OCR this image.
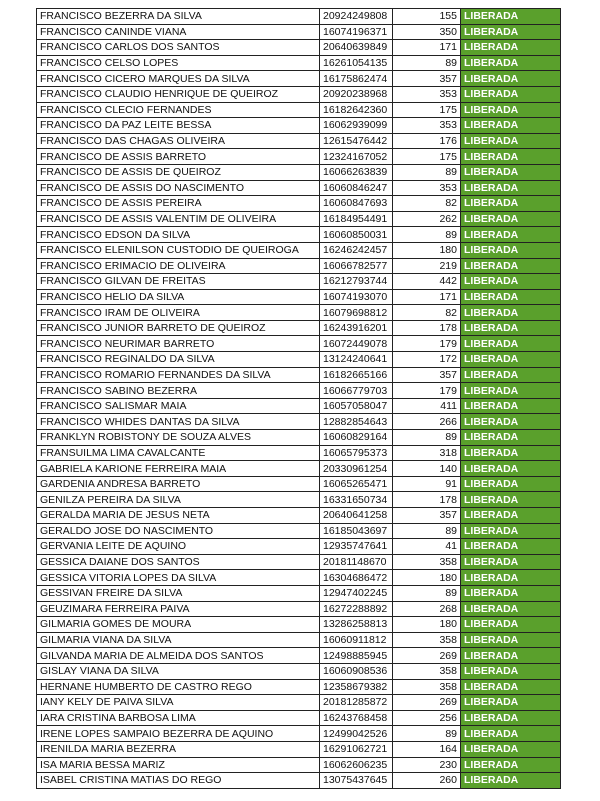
FRANCISCO BEZERRA DA SILVA	20924249808	155	LIBERADA
FRANCISCO CANINDE VIANA	16074196371	350	LIBERADA
FRANCISCO CARLOS DOS SANTOS	20640639849	171	LIBERADA
FRANCISCO CELSO LOPES	16261054135	89	LIBERADA
FRANCISCO CICERO MARQUES DA SILVA	16175862474	357	LIBERADA
FRANCISCO CLAUDIO HENRIQUE DE QUEIROZ	20920238968	353	LIBERADA
FRANCISCO CLECIO FERNANDES	16182642360	175	LIBERADA
FRANCISCO DA PAZ LEITE BESSA	16062939099	353	LIBERADA
FRANCISCO DAS CHAGAS OLIVEIRA	12615476442	176	LIBERADA
FRANCISCO DE ASSIS BARRETO	12324167052	175	LIBERADA
FRANCISCO DE ASSIS DE QUEIROZ	16066263839	89	LIBERADA
FRANCISCO DE ASSIS DO NASCIMENTO	16060846247	353	LIBERADA
FRANCISCO DE ASSIS PEREIRA	16060847693	82	LIBERADA
FRANCISCO DE ASSIS VALENTIM DE OLIVEIRA	16184954491	262	LIBERADA
FRANCISCO EDSON DA SILVA	16060850031	89	LIBERADA
FRANCISCO ELENILSON CUSTODIO DE QUEIROGA	16246242457	180	LIBERADA
FRANCISCO ERIMACIO DE OLIVEIRA	16066782577	219	LIBERADA
FRANCISCO GILVAN DE FREITAS	16212793744	442	LIBERADA
FRANCISCO HELIO DA SILVA	16074193070	171	LIBERADA
FRANCISCO IRAM DE OLIVEIRA	16079698812	82	LIBERADA
FRANCISCO JUNIOR BARRETO DE QUEIROZ	16243916201	178	LIBERADA
FRANCISCO NEURIMAR BARRETO	16072449078	179	LIBERADA
FRANCISCO REGINALDO DA SILVA	13124240641	172	LIBERADA
FRANCISCO ROMARIO FERNANDES DA SILVA	16182665166	357	LIBERADA
FRANCISCO SABINO BEZERRA	16066779703	179	LIBERADA
FRANCISCO SALISMAR MAIA	16057058047	411	LIBERADA
FRANCISCO WHIDES DANTAS DA SILVA	12882854643	266	LIBERADA
FRANKLYN ROBISTONY DE SOUZA ALVES	16060829164	89	LIBERADA
FRANSUILMA LIMA CAVALCANTE	16065795373	318	LIBERADA
GABRIELA KARIONE FERREIRA MAIA	20330961254	140	LIBERADA
GARDENIA ANDRESA BARRETO	16065265471	91	LIBERADA
GENILZA PEREIRA DA SILVA	16331650734	178	LIBERADA
GERALDA MARIA DE JESUS NETA	20640641258	357	LIBERADA
GERALDO JOSE DO NASCIMENTO	16185043697	89	LIBERADA
GERVANIA LEITE DE AQUINO	12935747641	41	LIBERADA
GESSICA DAIANE DOS SANTOS	20181148670	358	LIBERADA
GESSICA VITORIA LOPES DA SILVA	16304686472	180	LIBERADA
GESSIVAN FREIRE DA SILVA	12947402245	89	LIBERADA
GEUZIMARA FERREIRA PAIVA	16272288892	268	LIBERADA
GILMARIA GOMES DE MOURA	13286258813	180	LIBERADA
GILMARIA VIANA DA SILVA	16060911812	358	LIBERADA
GILVANDA MARIA DE ALMEIDA DOS SANTOS	12498885945	269	LIBERADA
GISLAY VIANA DA SILVA	16060908536	358	LIBERADA
HERNANE HUMBERTO DE CASTRO REGO	12358679382	358	LIBERADA
IANY KELY DE PAIVA SILVA	20181285872	269	LIBERADA
IARA CRISTINA BARBOSA LIMA	16243768458	256	LIBERADA
IRENE LOPES SAMPAIO BEZERRA DE AQUINO	12499042526	89	LIBERADA
IRENILDA MARIA BEZERRA	16291062721	164	LIBERADA
ISA MARIA BESSA MARIZ	16062606235	230	LIBERADA
ISABEL CRISTINA MATIAS DO REGO	13075437645	260	LIBERADA
